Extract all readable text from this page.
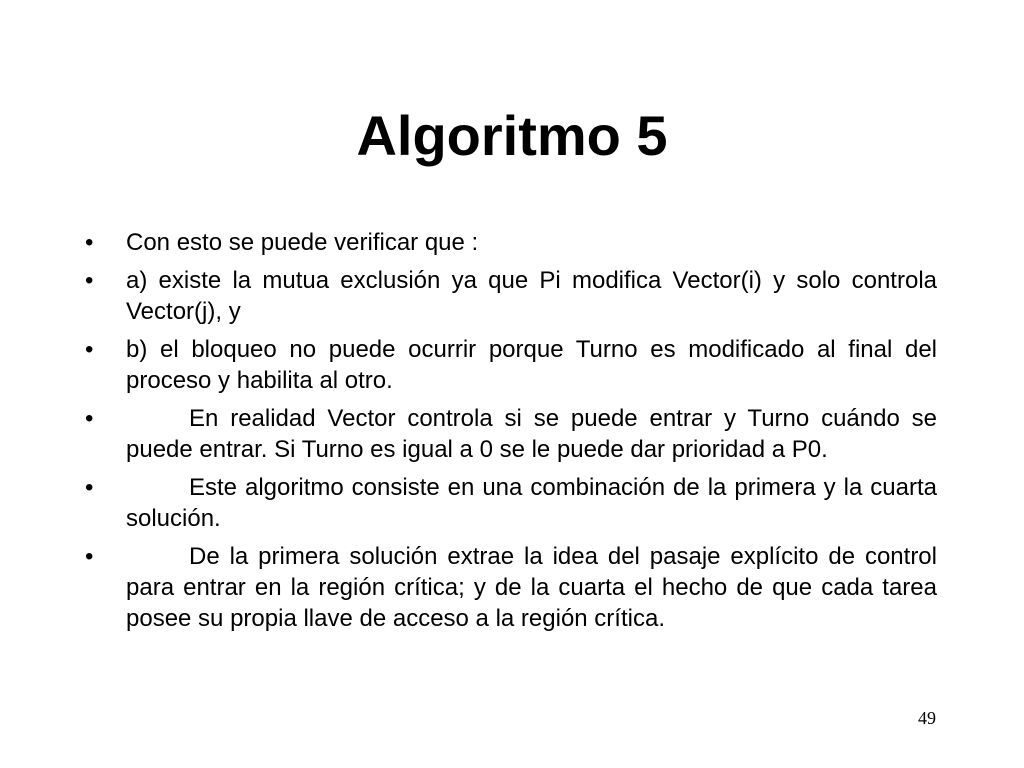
Algoritmo 5
•	Con esto se puede verificar que :
•	a) existe la mutua exclusión ya que Pi modifica Vector(i) y solo controla Vector(j), y
•	b) el bloqueo no puede ocurrir porque Turno es modificado al final del proceso y habilita al otro.
•	En realidad Vector controla si se puede entrar y Turno cuándo se puede entrar. Si Turno es igual a 0 se le puede dar prioridad a P0.
•	Este algoritmo consiste en una combinación de la primera y la cuarta solución.
•	De la primera solución extrae la idea del pasaje explícito de control para entrar en la región crítica; y de la cuarta el hecho de que cada tarea posee su propia llave de acceso a la región crítica.
49
